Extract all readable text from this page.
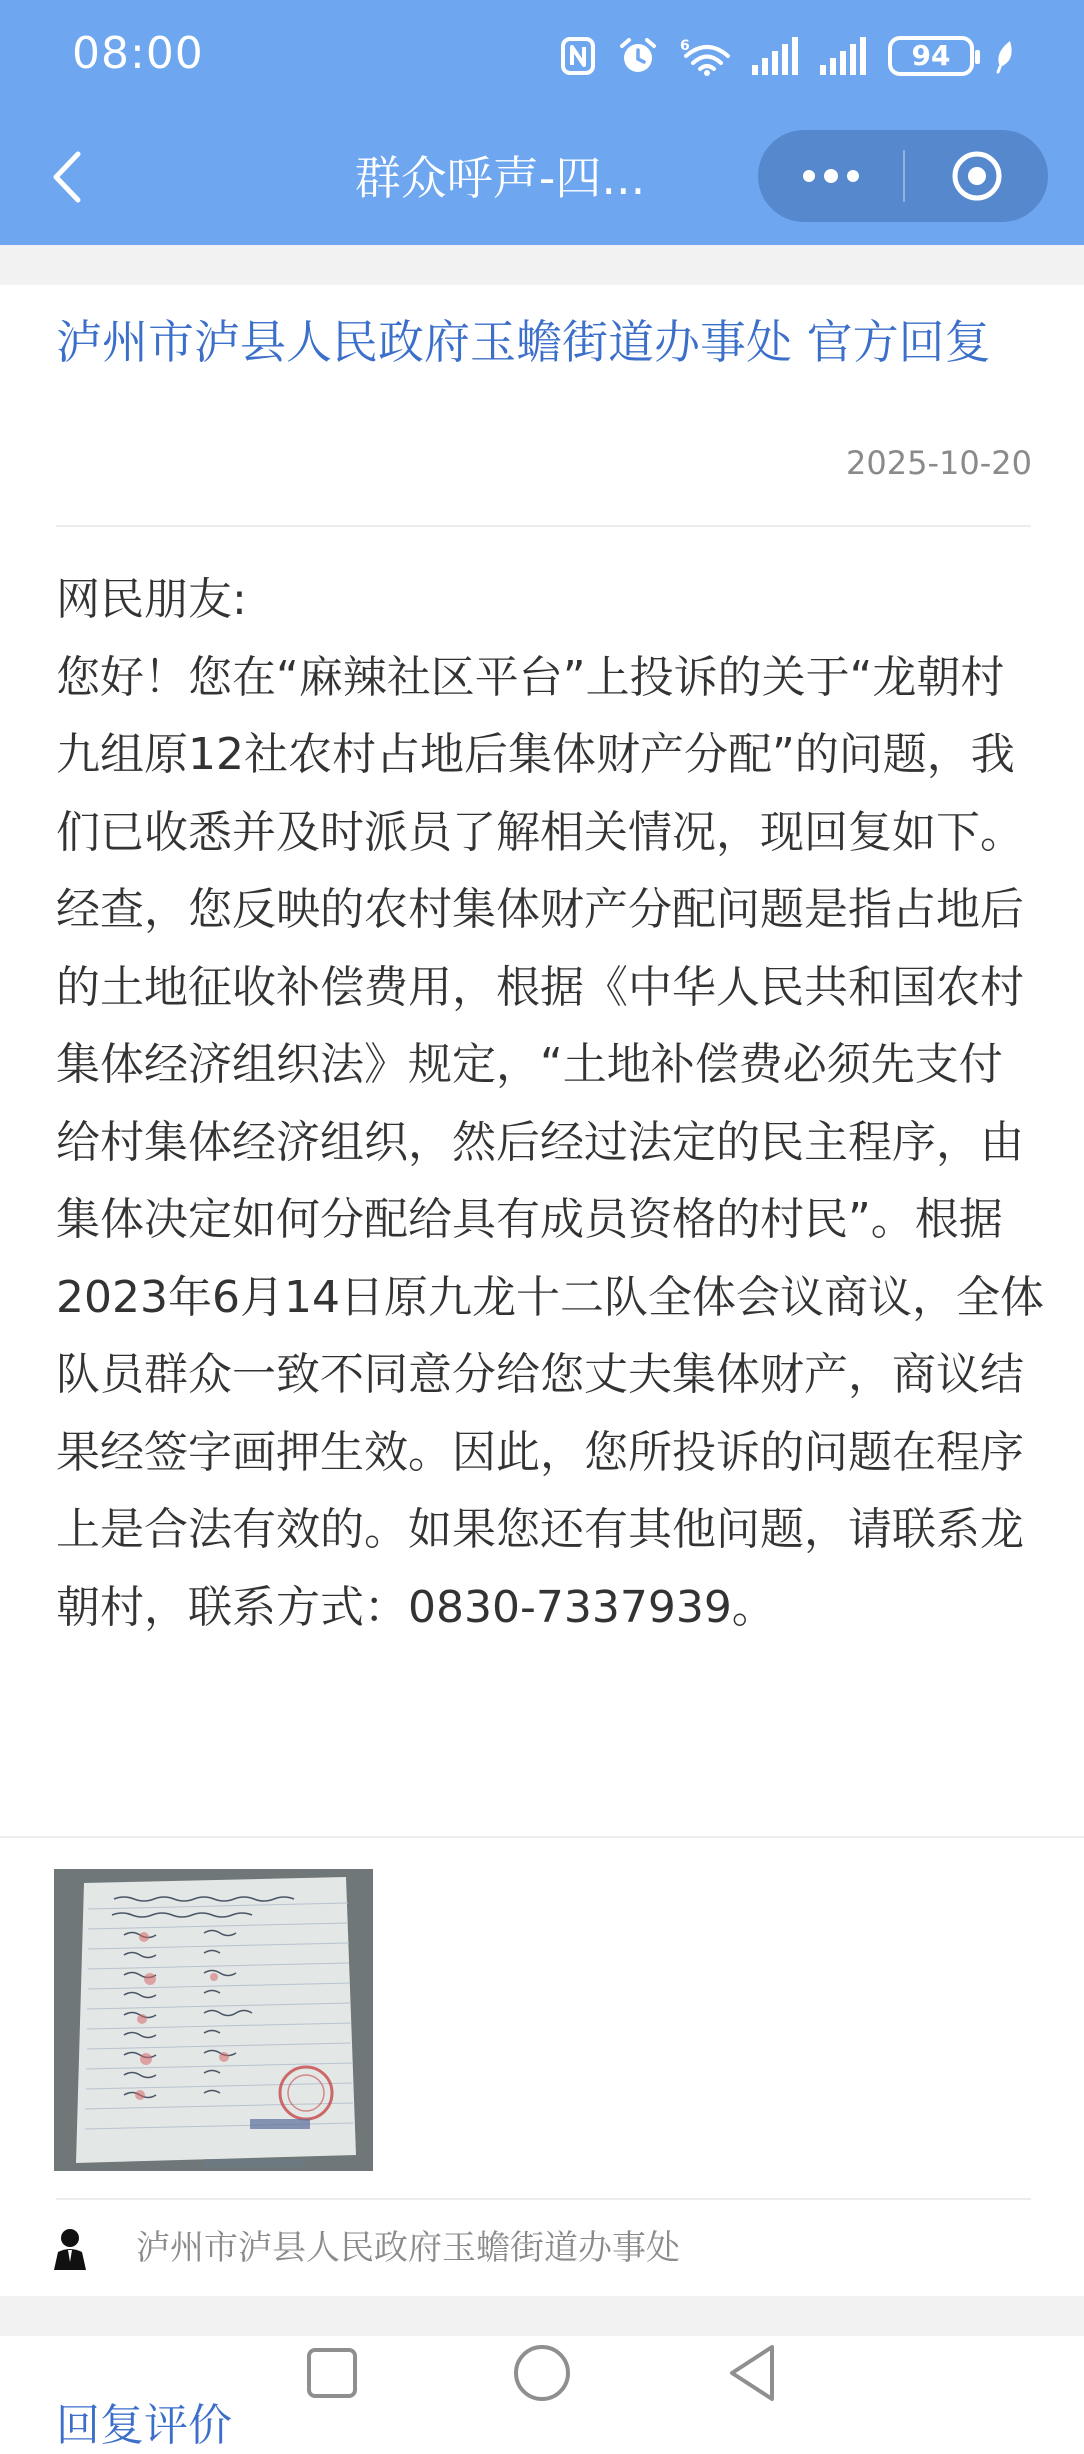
08:00	6	94
群众呼声-四...
泸州市泸县人民政府玉蟾街道办事处 官方回复
2025-10-20

网民朋友:

您好！您在“麻辣社区平台”上投诉的关于“龙朝村九组原12社农村占地后集体财产分配”的问题，我们已收悉并及时派员了解相关情况，现回复如下。

经查，您反映的农村集体财产分配问题是指占地后的土地征收补偿费用，根据《中华人民共和国农村集体经济组织法》规定，“土地补偿费必须先支付给村集体经济组织，然后经过法定的民主程序，由集体决定如何分配给具有成员资格的村民”。根据2023年6月14日原九龙十二队全体会议商议，全体队员群众一致不同意分给您丈夫集体财产，商议结果经签字画押生效。因此，您所投诉的问题在程序上是合法有效的。如果您还有其他问题，请联系龙朝村，联系方式：0830-7337939。

泸州市泸县人民政府玉蟾街道办事处
回复评价
